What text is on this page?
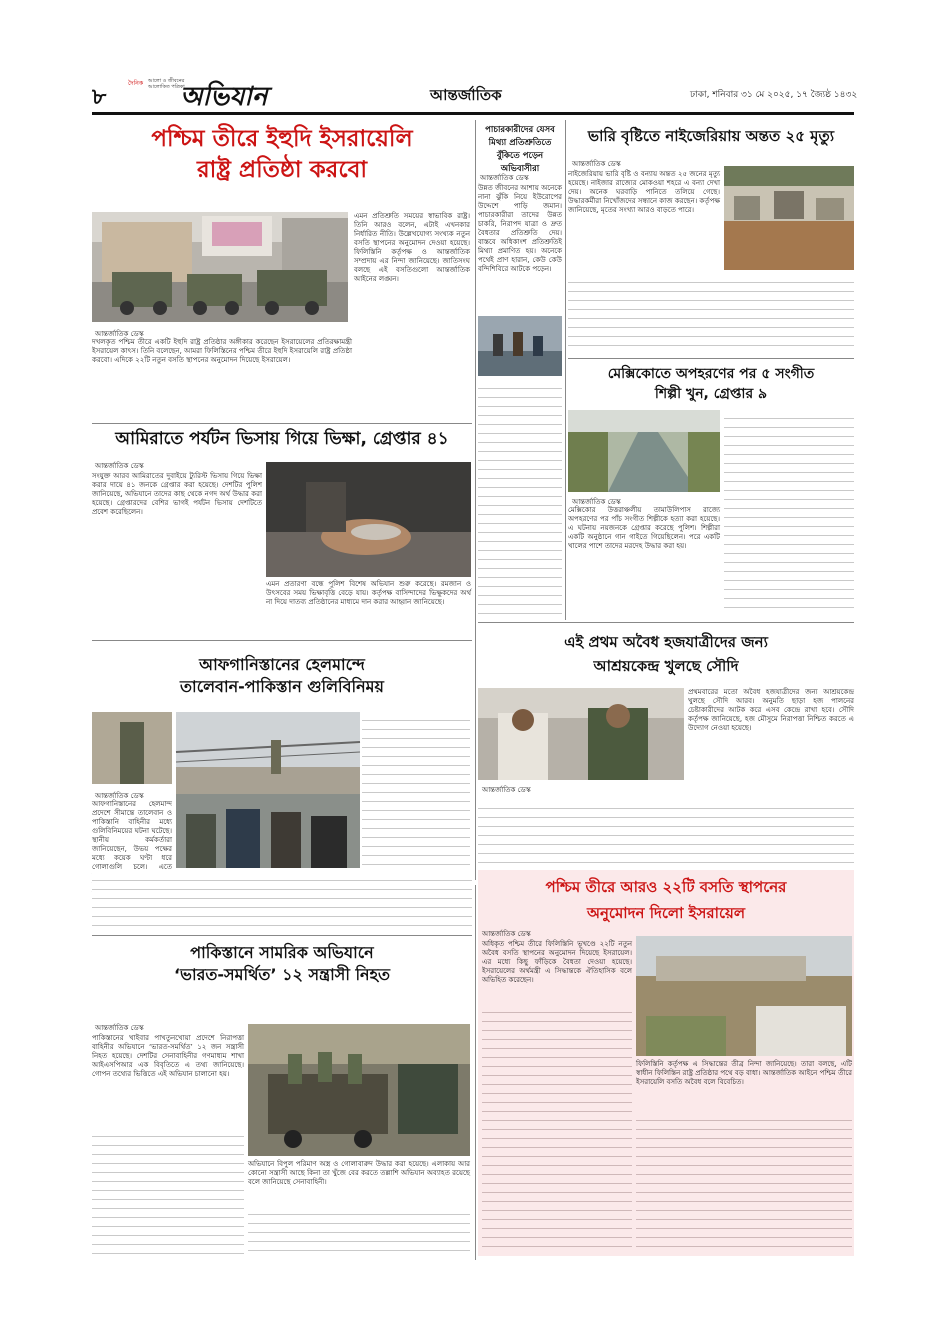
৮
দৈনিক আলো ও জীবনের আলোকিত পত্রিকা
অভিযান	আন্তর্জাতিক	ঢাকা, শনিবার ৩১ মে ২০২৫, ১৭ জ্যৈষ্ঠ ১৪৩২
পশ্চিম তীরে ইহুদি ইসরায়েলি
রাষ্ট্র প্রতিষ্ঠা করবো
আন্তর্জাতিক ডেস্ক
দখলকৃত পশ্চিম তীরে একটি ইহুদি রাষ্ট্র প্রতিষ্ঠার অঙ্গীকার করেছেন ইসরায়েলের প্রতিরক্ষামন্ত্রী ইসরায়েল কাৎস। তিনি বলেছেন, আমরা ফিলিস্তিনের পশ্চিম তীরে ইহুদি ইসরায়েলি রাষ্ট্র প্রতিষ্ঠা করবো। এদিকে ২২টি নতুন বসতি স্থাপনের অনুমোদন দিয়েছে ইসরায়েল।
এমন প্রতিশ্রুতি সময়ের স্বাভাবিক রাষ্ট্র। তিনি আরও বলেন, এটাই এখনকার নির্ধারিত নীতি। উল্লেখযোগ্য সংখ্যক নতুন বসতি স্থাপনের অনুমোদন দেওয়া হয়েছে। ফিলিস্তিনি কর্তৃপক্ষ ও আন্তর্জাতিক সম্প্রদায় এর নিন্দা জানিয়েছে। জাতিসংঘ বলছে এই বসতিগুলো আন্তর্জাতিক আইনের লঙ্ঘন।
আমিরাতে পর্যটন ভিসায় গিয়ে ভিক্ষা, গ্রেপ্তার ৪১
আন্তর্জাতিক ডেস্ক
সংযুক্ত আরব আমিরাতের দুবাইয়ে ট্যুরিস্ট ভিসায় গিয়ে ভিক্ষা করার দায়ে ৪১ জনকে গ্রেপ্তার করা হয়েছে। দেশটির পুলিশ জানিয়েছে, অভিযানে তাদের কাছ থেকে নগদ অর্থ উদ্ধার করা হয়েছে। গ্রেপ্তারদের বেশির ভাগই পর্যটন ভিসায় দেশটিতে প্রবেশ করেছিলেন।
এমন প্রতারণা বন্ধে পুলিশ বিশেষ অভিযান শুরু করেছে। রমজান ও উৎসবের সময় ভিক্ষাবৃত্তি বেড়ে যায়। কর্তৃপক্ষ বাসিন্দাদের ভিক্ষুকদের অর্থ না দিয়ে দাতব্য প্রতিষ্ঠানের মাধ্যমে দান করার আহ্বান জানিয়েছে।
আফগানিস্তানের হেলমান্দে
তালেবান-পাকিস্তান গুলিবিনিময়
আন্তর্জাতিক ডেস্ক
আফগানিস্তানের হেলমান্দ প্রদেশে সীমান্তে তালেবান ও পাকিস্তানি বাহিনীর মধ্যে গুলিবিনিময়ের ঘটনা ঘটেছে। স্থানীয় কর্মকর্তারা জানিয়েছেন, উভয় পক্ষের মধ্যে কয়েক ঘণ্টা ধরে গোলাগুলি চলে। এতে
পাকিস্তানে সামরিক অভিযানে
‘ভারত-সমর্থিত’ ১২ সন্ত্রাসী নিহত
আন্তর্জাতিক ডেস্ক
পাকিস্তানের খাইবার পাখতুনখোয়া প্রদেশে নিরাপত্তা বাহিনীর অভিযানে ‘ভারত-সমর্থিত’ ১২ জন সন্ত্রাসী নিহত হয়েছে। দেশটির সেনাবাহিনীর গণমাধ্যম শাখা আইএসপিআর এক বিবৃতিতে এ তথ্য জানিয়েছে। গোপন তথ্যের ভিত্তিতে এই অভিযান চালানো হয়।
অভিযানে বিপুল পরিমাণ অস্ত্র ও গোলাবারুদ উদ্ধার করা হয়েছে। এলাকায় আর কোনো সন্ত্রাসী আছে কিনা তা খুঁজে বের করতে তল্লাশি অভিযান অব্যাহত রয়েছে বলে জানিয়েছে সেনাবাহিনী।
পাচারকারীদের যেসব মিথ্যা প্রতিশ্রুতিতে বুঁকিতে পড়েন অভিবাসীরা
আন্তর্জাতিক ডেস্ক
উন্নত জীবনের আশায় অনেকে নানা ঝুঁকি নিয়ে ইউরোপের উদ্দেশে পাড়ি জমান। পাচারকারীরা তাদের উন্নত চাকরি, নিরাপদ যাত্রা ও দ্রুত বৈধতার প্রতিশ্রুতি দেয়। বাস্তবে অধিকাংশ প্রতিশ্রুতিই মিথ্যা প্রমাণিত হয়। অনেকে পথেই প্রাণ হারান, কেউ কেউ বন্দিশিবিরে আটকে পড়েন।
ভারি বৃষ্টিতে নাইজেরিয়ায় অন্তত ২৫ মৃত্যু
আন্তর্জাতিক ডেস্ক
নাইজেরিয়ায় ভারি বৃষ্টি ও বন্যায় অন্তত ২৫ জনের মৃত্যু হয়েছে। নাইজার রাজ্যের মোকওয়া শহরে এ বন্যা দেখা দেয়। অনেক ঘরবাড়ি পানিতে তলিয়ে গেছে। উদ্ধারকর্মীরা নিখোঁজদের সন্ধানে কাজ করছেন। কর্তৃপক্ষ জানিয়েছে, মৃতের সংখ্যা আরও বাড়তে পারে।
মেক্সিকোতে অপহরণের পর ৫ সংগীত
শিল্পী খুন, গ্রেপ্তার ৯
আন্তর্জাতিক ডেস্ক
মেক্সিকোর উত্তরাঞ্চলীয় তামাউলিপাস রাজ্যে অপহরণের পর পাঁচ সংগীত শিল্পীকে হত্যা করা হয়েছে। এ ঘটনায় নয়জনকে গ্রেপ্তার করেছে পুলিশ। শিল্পীরা একটি অনুষ্ঠানে গান গাইতে গিয়েছিলেন। পরে একটি খালের পাশে তাদের মরদেহ উদ্ধার করা হয়।
এই প্রথম অবৈধ হজযাত্রীদের জন্য
আশ্রয়কেন্দ্র খুলছে সৌদি
আন্তর্জাতিক ডেস্ক
প্রথমবারের মতো অবৈধ হজযাত্রীদের জন্য আশ্রয়কেন্দ্র খুলছে সৌদি আরব। অনুমতি ছাড়া হজ পালনের চেষ্টাকারীদের আটক করে এসব কেন্দ্রে রাখা হবে। সৌদি কর্তৃপক্ষ জানিয়েছে, হজ মৌসুমে নিরাপত্তা নিশ্চিত করতে এ উদ্যোগ নেওয়া হয়েছে।
পশ্চিম তীরে আরও ২২টি বসতি স্থাপনের
অনুমোদন দিলো ইসরায়েল
আন্তর্জাতিক ডেস্ক
অধিকৃত পশ্চিম তীরে ফিলিস্তিনি ভূখণ্ডে ২২টি নতুন অবৈধ বসতি স্থাপনের অনুমোদন দিয়েছে ইসরায়েল। এর মধ্যে কিছু ফাঁড়িকে বৈধতা দেওয়া হয়েছে। ইসরায়েলের অর্থমন্ত্রী এ সিদ্ধান্তকে ঐতিহাসিক বলে অভিহিত করেছেন।
ফিলিস্তিনি কর্তৃপক্ষ এ সিদ্ধান্তের তীব্র নিন্দা জানিয়েছে। তারা বলছে, এটি স্বাধীন ফিলিস্তিন রাষ্ট্র প্রতিষ্ঠার পথে বড় বাধা। আন্তর্জাতিক আইনে পশ্চিম তীরে ইসরায়েলি বসতি অবৈধ বলে বিবেচিত।
